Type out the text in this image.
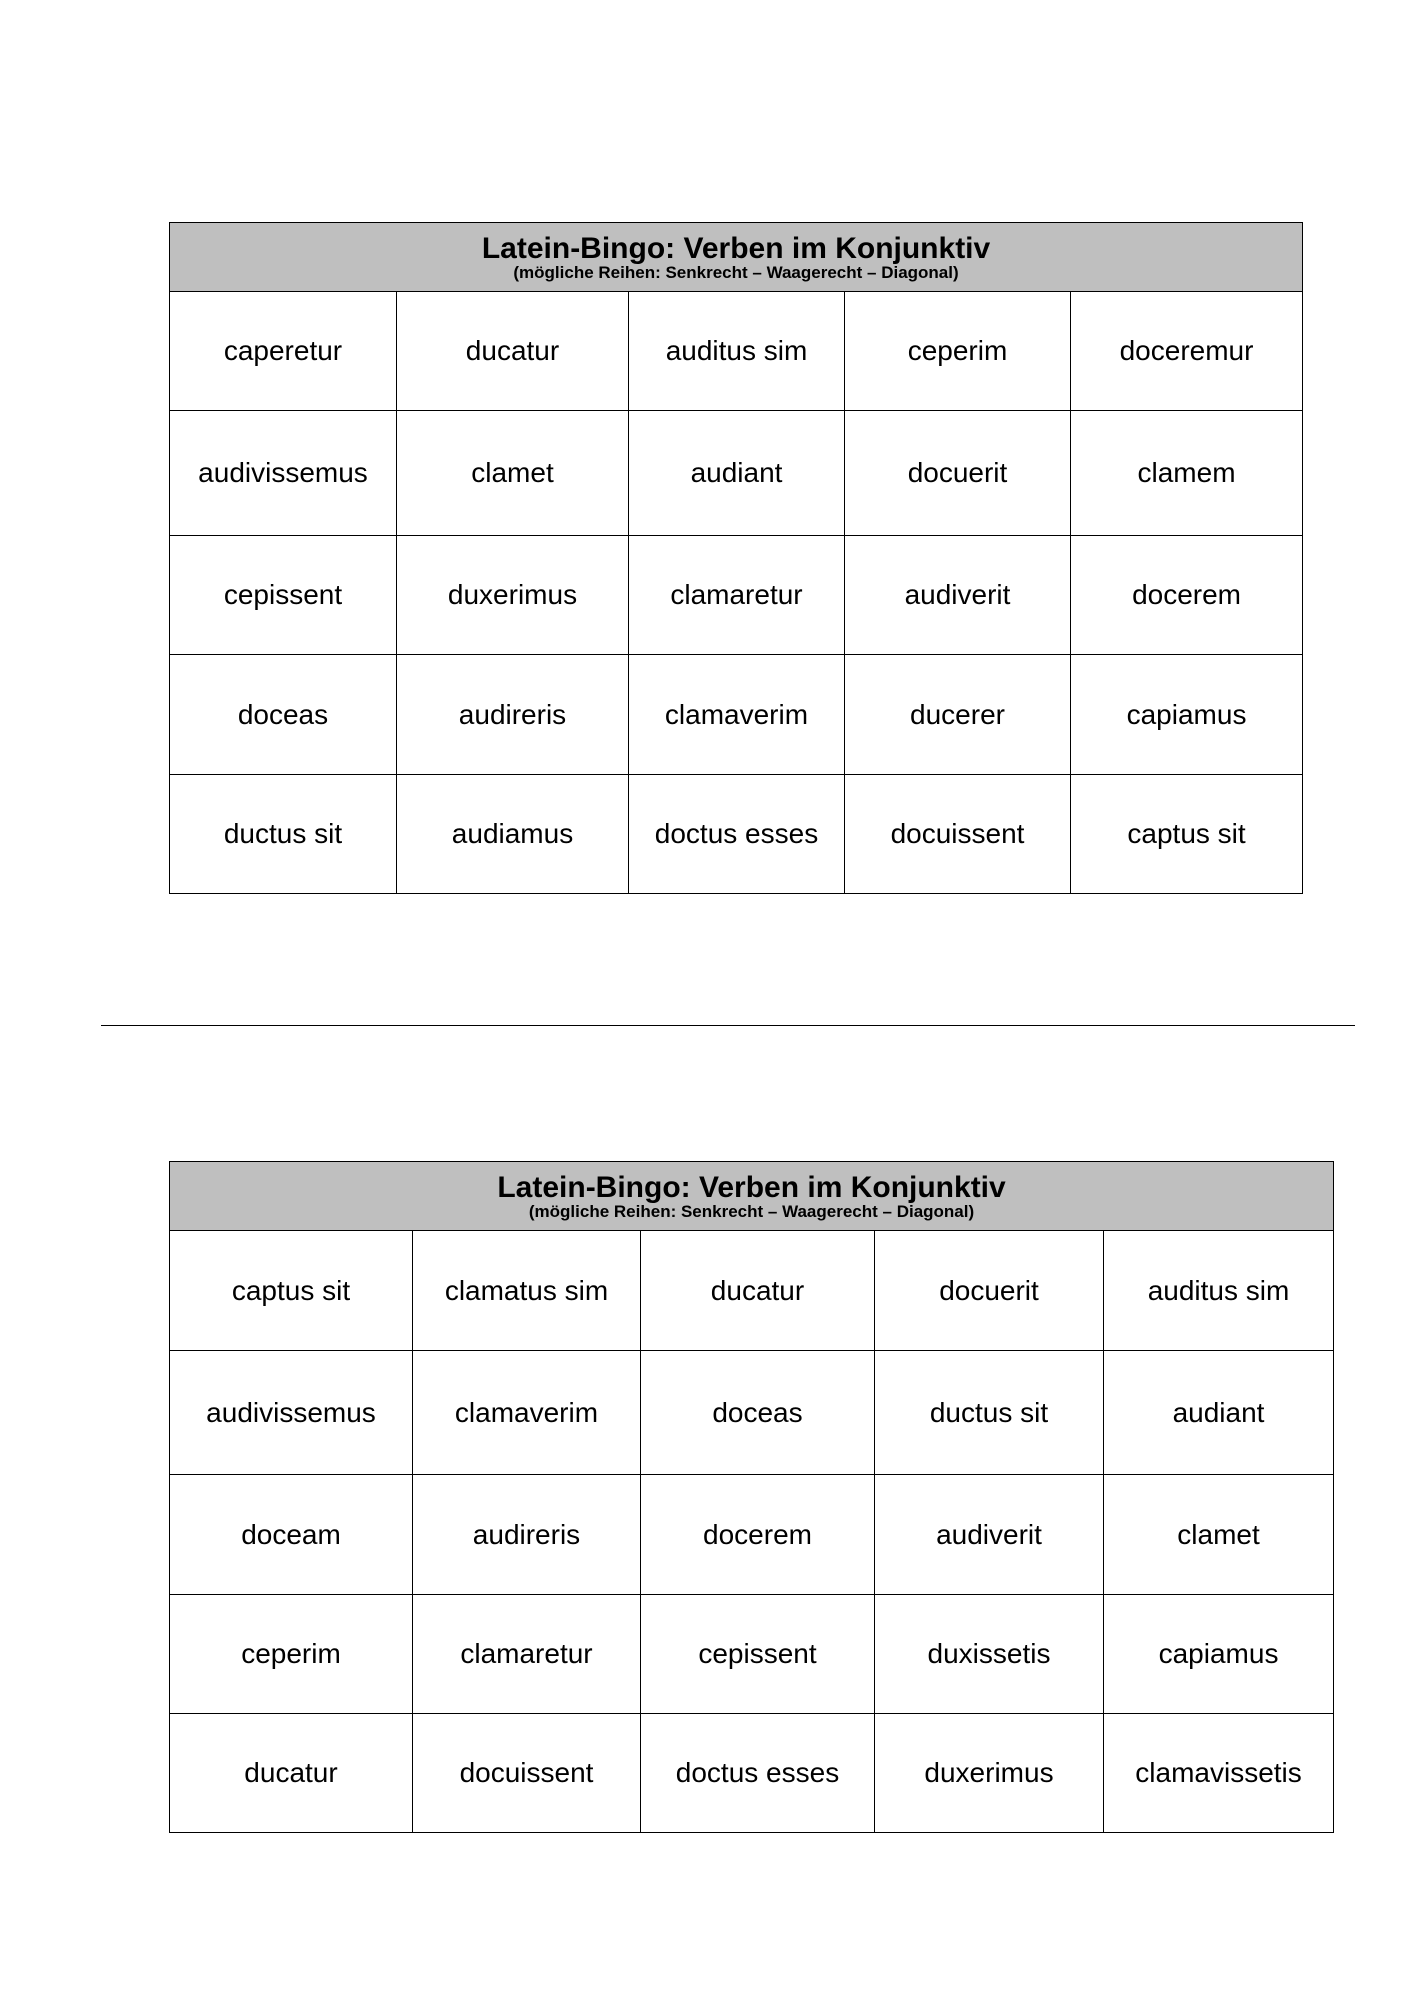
Latein-Bingo: Verben im Konjunktiv
(mögliche Reihen: Senkrecht – Waagerecht – Diagonal)				

caperetur	ducatur	auditus sim	ceperim	doceremur
audivissemus	clamet	audiant	docuerit	clamem
cepissent	duxerimus	clamaretur	audiverit	docerem
doceas	audireris	clamaverim	ducerer	capiamus
ductus sit	audiamus	doctus esses	docuissent	captus sit
Latein-Bingo: Verben im Konjunktiv
(mögliche Reihen: Senkrecht – Waagerecht – Diagonal)				

captus sit	clamatus sim	ducatur	docuerit	auditus sim
audivissemus	clamaverim	doceas	ductus sit	audiant
doceam	audireris	docerem	audiverit	clamet
ceperim	clamaretur	cepissent	duxissetis	capiamus
ducatur	docuissent	doctus esses	duxerimus	clamavissetis
